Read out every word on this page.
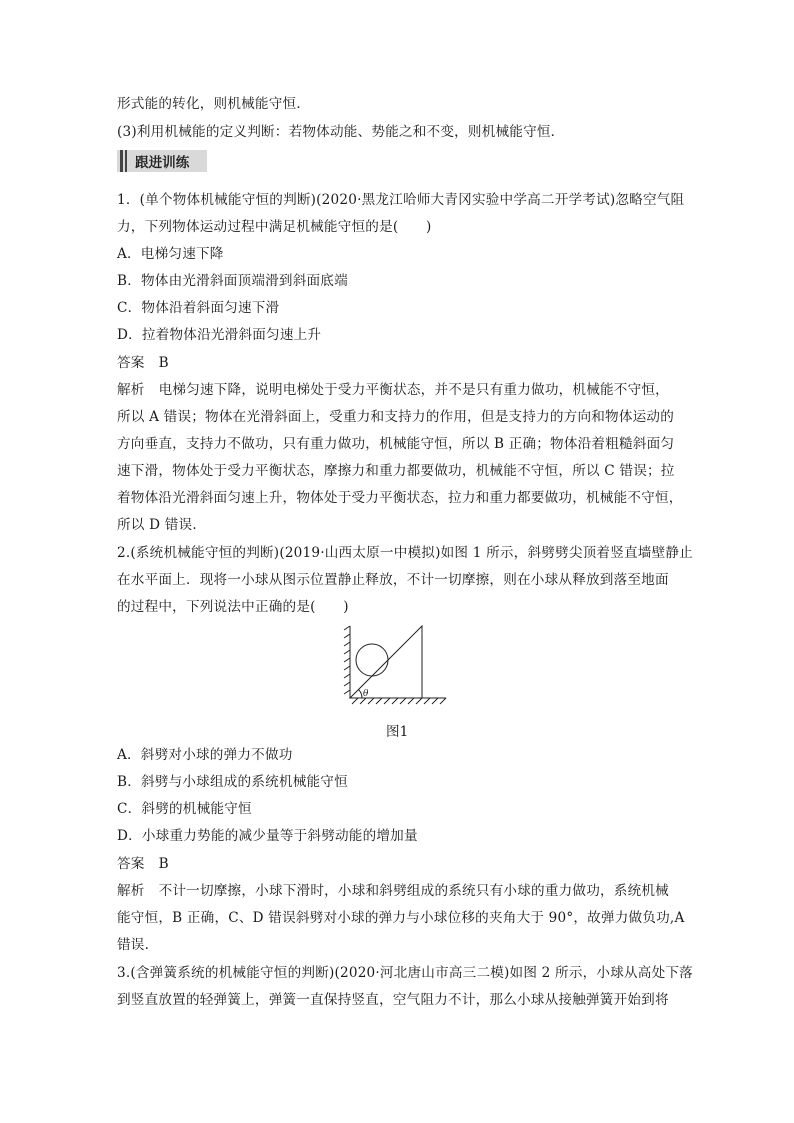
形式能的转化，则机械能守恒．
(3)利用机械能的定义判断：若物体动能、势能之和不变，则机械能守恒．
跟进训练
1．(单个物体机械能守恒的判断)(2020·黑龙江哈师大青冈实验中学高二开学考试)忽略空气阻
力，下列物体运动过程中满足机械能守恒的是(　　)
A．电梯匀速下降
B．物体由光滑斜面顶端滑到斜面底端
C．物体沿着斜面匀速下滑
D．拉着物体沿光滑斜面匀速上升
答案 B
解析 电梯匀速下降，说明电梯处于受力平衡状态，并不是只有重力做功，机械能不守恒，
所以 A 错误；物体在光滑斜面上，受重力和支持力的作用，但是支持力的方向和物体运动的
方向垂直，支持力不做功，只有重力做功，机械能守恒，所以 B 正确；物体沿着粗糙斜面匀
速下滑，物体处于受力平衡状态，摩擦力和重力都要做功，机械能不守恒，所以 C 错误；拉
着物体沿光滑斜面匀速上升，物体处于受力平衡状态，拉力和重力都要做功，机械能不守恒，
所以 D 错误.
2.(系统机械能守恒的判断)(2019·山西太原一中模拟)如图 1 所示，斜劈劈尖顶着竖直墙壁静止
在水平面上．现将一小球从图示位置静止释放，不计一切摩擦，则在小球从释放到落至地面
的过程中，下列说法中正确的是(　　)
θ
图1
A．斜劈对小球的弹力不做功
B．斜劈与小球组成的系统机械能守恒
C．斜劈的机械能守恒
D．小球重力势能的减少量等于斜劈动能的增加量
答案 B
解析 不计一切摩擦，小球下滑时，小球和斜劈组成的系统只有小球的重力做功，系统机械
能守恒，B 正确，C、D 错误斜劈对小球的弹力与小球位移的夹角大于 90°，故弹力做负功,A
错误.
3.(含弹簧系统的机械能守恒的判断)(2020·河北唐山市高三二模)如图 2 所示，小球从高处下落
到竖直放置的轻弹簧上，弹簧一直保持竖直，空气阻力不计，那么小球从接触弹簧开始到将
